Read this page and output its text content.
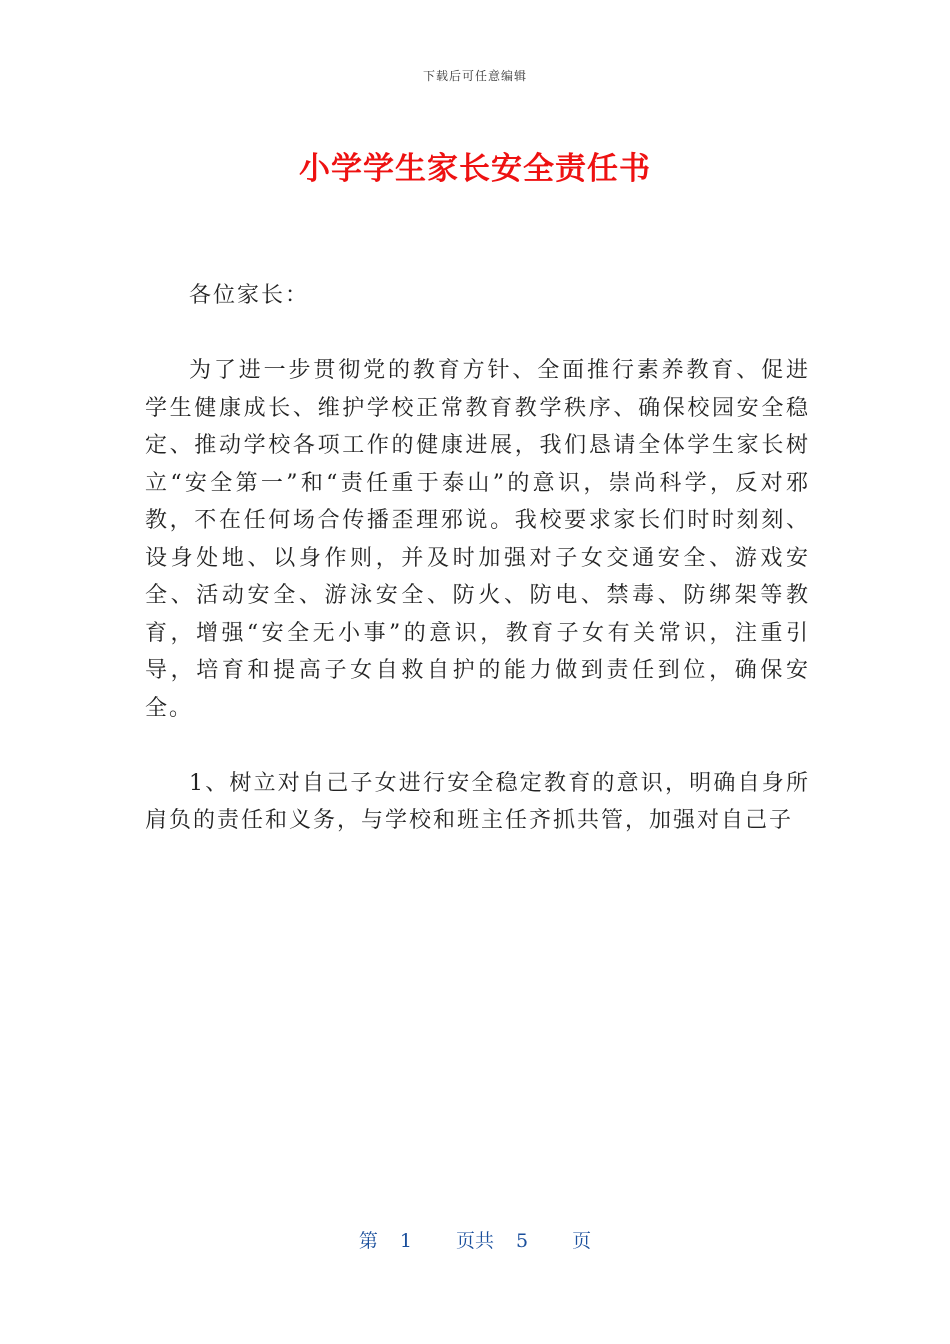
下载后可任意编辑
小学学生家长安全责任书

各位家长：

为了进一步贯彻党的教育方针、全面推行素养教育、促进学生健康成长、维护学校正常教育教学秩序、确保校园安全稳定、推动学校各项工作的健康进展，我们恳请全体学生家长树立“安全第一”和“责任重于泰山”的意识，崇尚科学，反对邪教，不在任何场合传播歪理邪说。我校要求家长们时时刻刻、设身处地、以身作则，并及时加强对子女交通安全、游戏安全、活动安全、游泳安全、防火、防电、禁毒、防绑架等教育，增强“安全无小事”的意识，教育子女有关常识，注重引导，培育和提高子女自救自护的能力做到责任到位，确保安全。

1、树立对自己子女进行安全稳定教育的意识，明确自身所肩负的责任和义务，与学校和班主任齐抓共管，加强对自己子

第 1 页共 5 页
